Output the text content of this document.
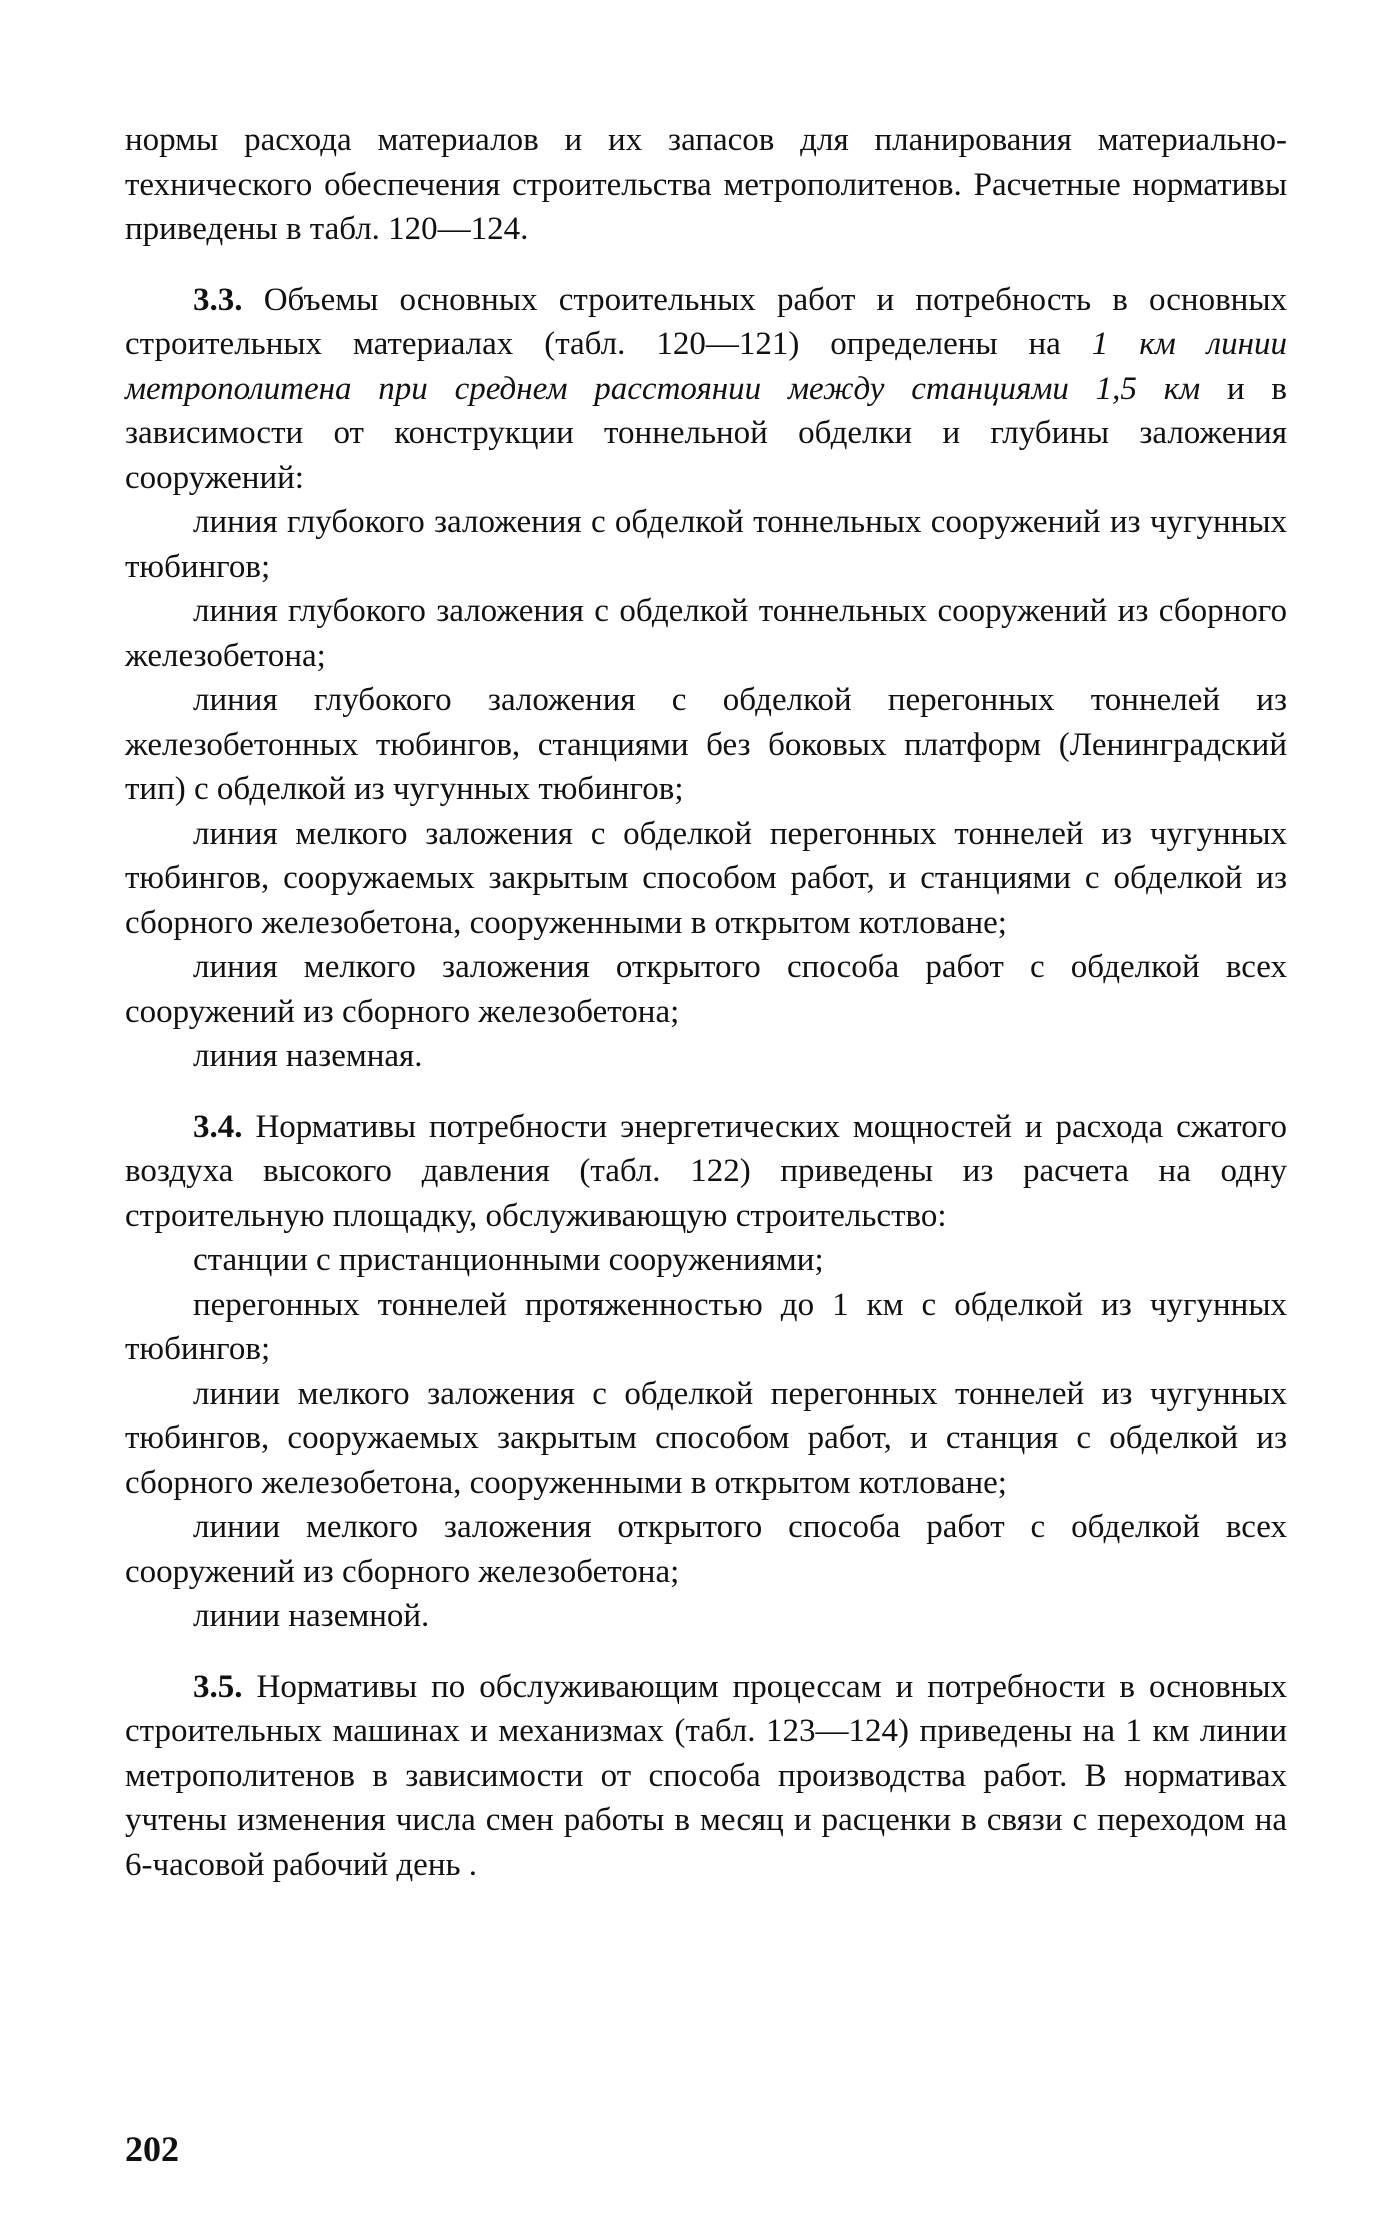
нормы расхода материалов и их запасов для планирования материально-технического обеспечения строительства метрополитенов. Расчетные нормативы приведены в табл. 120—124.

3.3. Объемы основных строительных работ и потребность в основных строительных материалах (табл. 120—121) определены на 1 км линии метрополитена при среднем расстоянии между станциями 1,5 км и в зависимости от конструкции тоннельной обделки и глубины заложения сооружений:

линия глубокого заложения с обделкой тоннельных сооружений из чугунных тюбингов;

линия глубокого заложения с обделкой тоннельных сооружений из сборного железобетона;

линия глубокого заложения с обделкой перегонных тоннелей из железобетонных тюбингов, станциями без боковых платформ (Ленинградский тип) с обделкой из чугунных тюбингов;

линия мелкого заложения с обделкой перегонных тоннелей из чугунных тюбингов, сооружаемых закрытым способом работ, и станциями с обделкой из сборного железобетона, сооруженными в открытом котловане;

линия мелкого заложения открытого способа работ с обделкой всех сооружений из сборного железобетона;

линия наземная.

3.4. Нормативы потребности энергетических мощностей и расхода сжатого воздуха высокого давления (табл. 122) приведены из расчета на одну строительную площадку, обслуживающую строительство:

станции с пристанционными сооружениями;

перегонных тоннелей протяженностью до 1 км с обделкой из чугунных тюбингов;

линии мелкого заложения с обделкой перегонных тоннелей из чугунных тюбингов, сооружаемых закрытым способом работ, и станция с обделкой из сборного железобетона, сооруженными в открытом котловане;

линии мелкого заложения открытого способа работ с обделкой всех сооружений из сборного железобетона;

линии наземной.

3.5. Нормативы по обслуживающим процессам и потребности в основных строительных машинах и механизмах (табл. 123—124) приведены на 1 км линии метрополитенов в зависимости от способа производства работ. В нормативах учтены изменения числа смен работы в месяц и расценки в связи с переходом на 6-часовой рабочий день .

202
